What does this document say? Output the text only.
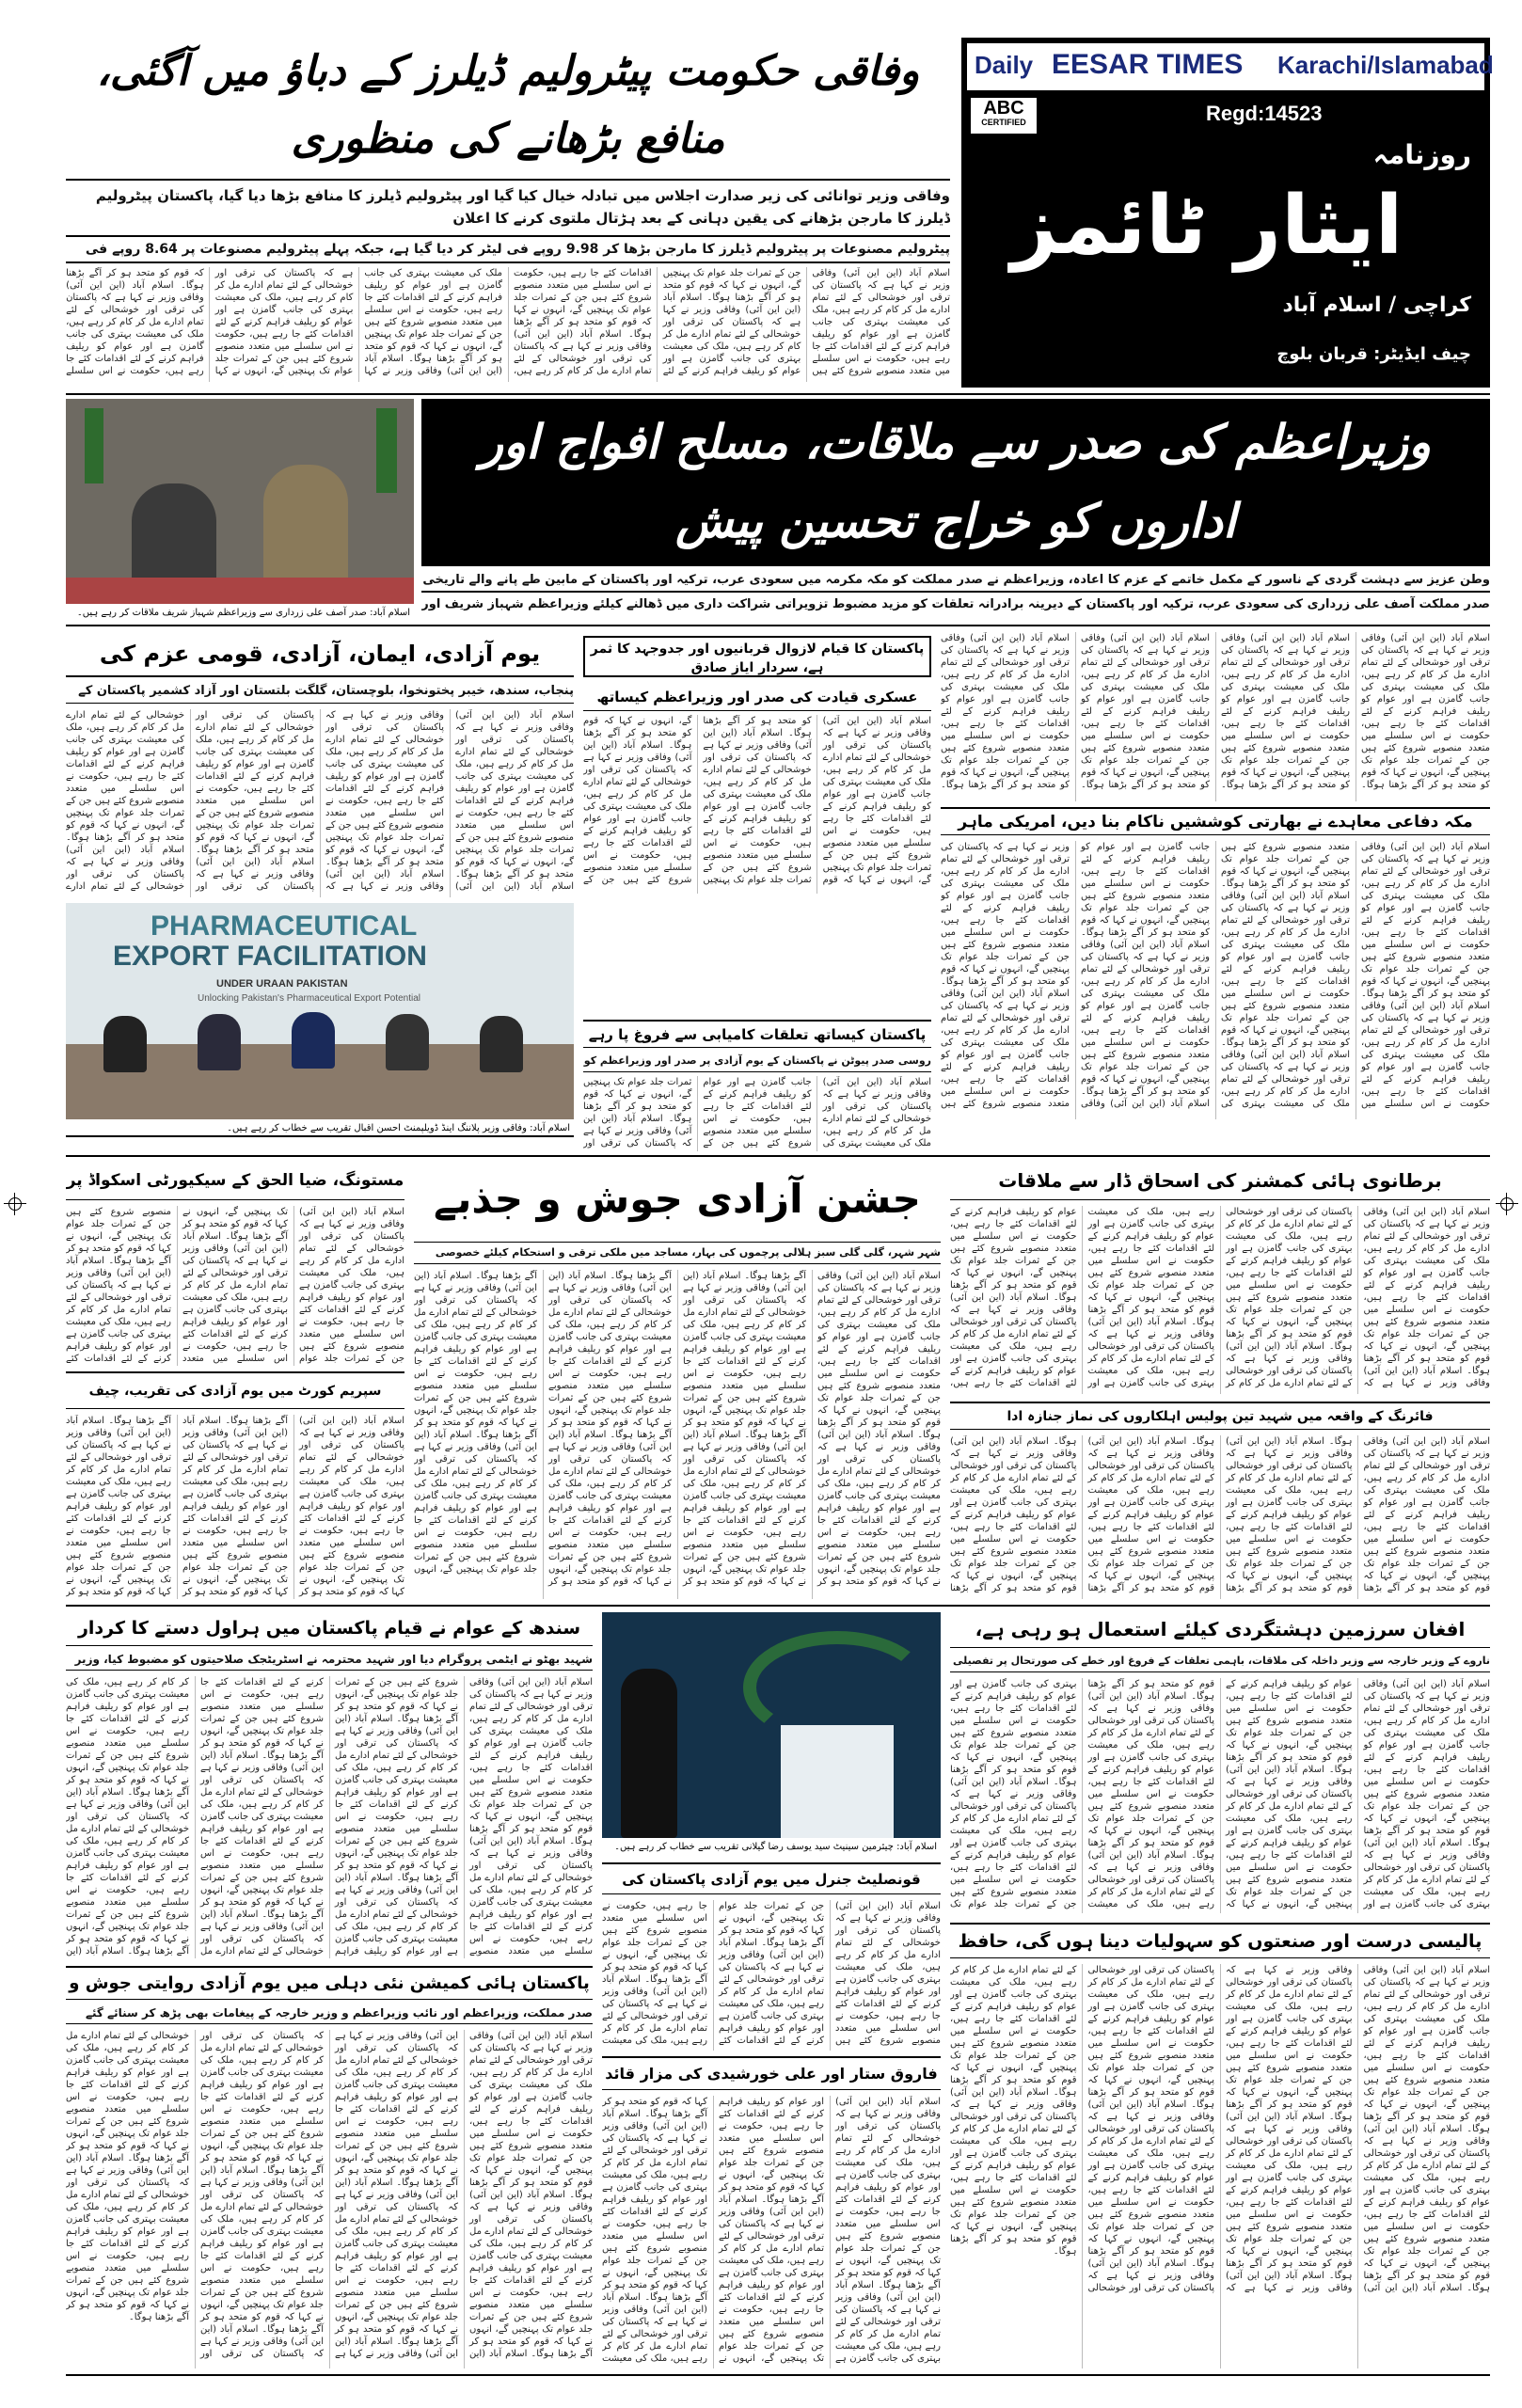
Daily EESAR TIMES Karachi/Islamabad
ABC
CERTIFIED	Regd:14523
روزنامہ
ایثار ٹائمز
کراچی / اسلام آباد
چیف ایڈیٹر: قربان بلوچ
وفاقی حکومت پیٹرولیم ڈیلرز کے دباؤ میں آگئی، منافع بڑھانے کی منظوری
وفاقی وزیر توانائی کی زیر صدارت اجلاس میں تبادلہ خیال کیا گیا اور پیٹرولیم ڈیلرز کا منافع بڑھا دیا گیا، پاکستان پیٹرولیم ڈیلرز کا مارجن بڑھانے کی یقین دہانی کے بعد ہڑتال ملتوی کرنے کا اعلان
پیٹرولیم مصنوعات پر پیٹرولیم ڈیلرز کا مارجن بڑھا کر 9.98 روپے فی لیٹر کر دیا گیا ہے، جبکہ پہلے پیٹرولیم مصنوعات پر 8.64 روپے فی
اسلام آباد (این این آئی) وفاقی وزیر نے کہا ہے کہ پاکستان کی ترقی اور خوشحالی کے لئے تمام ادارے مل کر کام کر رہے ہیں، ملک کی معیشت بہتری کی جانب گامزن ہے اور عوام کو ریلیف فراہم کرنے کے لئے اقدامات کئے جا رہے ہیں، حکومت نے اس سلسلے میں متعدد منصوبے شروع کئے ہیں جن کے ثمرات جلد عوام تک پہنچیں گے، انہوں نے کہا کہ قوم کو متحد ہو کر آگے بڑھنا ہوگا۔ اسلام آباد (این این آئی) وفاقی وزیر نے کہا ہے کہ پاکستان کی ترقی اور خوشحالی کے لئے تمام ادارے مل کر کام کر رہے ہیں، ملک کی معیشت بہتری کی جانب گامزن ہے اور عوام کو ریلیف فراہم کرنے کے لئے اقدامات کئے جا رہے ہیں، حکومت نے اس سلسلے میں متعدد منصوبے شروع کئے ہیں جن کے ثمرات جلد عوام تک پہنچیں گے، انہوں نے کہا کہ قوم کو متحد ہو کر آگے بڑھنا ہوگا۔ اسلام آباد (این این آئی) وفاقی وزیر نے کہا ہے کہ پاکستان کی ترقی اور خوشحالی کے لئے تمام ادارے مل کر کام کر رہے ہیں، ملک کی معیشت بہتری کی جانب گامزن ہے اور عوام کو ریلیف فراہم کرنے کے لئے اقدامات کئے جا رہے ہیں، حکومت نے اس سلسلے میں متعدد منصوبے شروع کئے ہیں جن کے ثمرات جلد عوام تک پہنچیں گے، انہوں نے کہا کہ قوم کو متحد ہو کر آگے بڑھنا ہوگا۔ اسلام آباد (این این آئی) وفاقی وزیر نے کہا ہے کہ پاکستان کی ترقی اور خوشحالی کے لئے تمام ادارے مل کر کام کر رہے ہیں، ملک کی معیشت بہتری کی جانب گامزن ہے اور عوام کو ریلیف فراہم کرنے کے لئے اقدامات کئے جا رہے ہیں، حکومت نے اس سلسلے میں متعدد منصوبے شروع کئے ہیں جن کے ثمرات جلد عوام تک پہنچیں گے، انہوں نے کہا کہ قوم کو متحد ہو کر آگے بڑھنا ہوگا۔ اسلام آباد (این این آئی) وفاقی وزیر نے کہا ہے کہ پاکستان کی ترقی اور خوشحالی کے لئے تمام ادارے مل کر کام کر رہے ہیں، ملک کی معیشت بہتری کی جانب گامزن ہے اور عوام کو ریلیف فراہم کرنے کے لئے اقدامات کئے جا رہے ہیں، حکومت نے اس سلسلے
اسلام آباد: صدر آصف علی زرداری سے وزیراعظم شہباز شریف ملاقات کر رہے ہیں۔
وزیراعظم کی صدر سے ملاقات، مسلح افواج اور اداروں کو خراج تحسین پیش
وطن عزیز سے دہشت گردی کے ناسور کے مکمل خاتمے کے عزم کا اعادہ، وزیراعظم نے صدر مملکت کو مکہ مکرمہ میں سعودی عرب، ترکیہ اور پاکستان کے مابین طے پانے والے تاریخی
صدر مملکت آصف علی زرداری کی سعودی عرب، ترکیہ اور پاکستان کے دیرینہ برادرانہ تعلقات کو مزید مضبوط تزویراتی شراکت داری میں ڈھالنے کیلئے وزیراعظم شہباز شریف اور
اسلام آباد (این این آئی) وفاقی وزیر نے کہا ہے کہ پاکستان کی ترقی اور خوشحالی کے لئے تمام ادارے مل کر کام کر رہے ہیں، ملک کی معیشت بہتری کی جانب گامزن ہے اور عوام کو ریلیف فراہم کرنے کے لئے اقدامات کئے جا رہے ہیں، حکومت نے اس سلسلے میں متعدد منصوبے شروع کئے ہیں جن کے ثمرات جلد عوام تک پہنچیں گے، انہوں نے کہا کہ قوم کو متحد ہو کر آگے بڑھنا ہوگا۔ اسلام آباد (این این آئی) وفاقی وزیر نے کہا ہے کہ پاکستان کی ترقی اور خوشحالی کے لئے تمام ادارے مل کر کام کر رہے ہیں، ملک کی معیشت بہتری کی جانب گامزن ہے اور عوام کو ریلیف فراہم کرنے کے لئے اقدامات کئے جا رہے ہیں، حکومت نے اس سلسلے میں متعدد منصوبے شروع کئے ہیں جن کے ثمرات جلد عوام تک پہنچیں گے، انہوں نے کہا کہ قوم کو متحد ہو کر آگے بڑھنا ہوگا۔ اسلام آباد (این این آئی) وفاقی وزیر نے کہا ہے کہ پاکستان کی ترقی اور خوشحالی کے لئے تمام ادارے مل کر کام کر رہے ہیں، ملک کی معیشت بہتری کی جانب گامزن ہے اور عوام کو ریلیف فراہم کرنے کے لئے اقدامات کئے جا رہے ہیں، حکومت نے اس سلسلے میں متعدد منصوبے شروع کئے ہیں جن کے ثمرات جلد عوام تک پہنچیں گے، انہوں نے کہا کہ قوم کو متحد ہو کر آگے بڑھنا ہوگا۔ اسلام آباد (این این آئی) وفاقی وزیر نے کہا ہے کہ پاکستان کی ترقی اور خوشحالی کے لئے تمام ادارے مل کر کام کر رہے ہیں، ملک کی معیشت بہتری کی جانب گامزن ہے اور عوام کو ریلیف فراہم کرنے کے لئے اقدامات کئے جا رہے ہیں، حکومت نے اس سلسلے میں متعدد منصوبے شروع کئے ہیں جن کے ثمرات جلد عوام تک پہنچیں گے، انہوں نے کہا کہ قوم کو متحد ہو کر آگے بڑھنا ہوگا۔
یوم آزادی، ایمان، آزادی، قومی عزم کی
پنجاب، سندھ، خیبر پختونخوا، بلوچستان، گلگت بلتستان اور آزاد کشمیر پاکستان کے
اسلام آباد (این این آئی) وفاقی وزیر نے کہا ہے کہ پاکستان کی ترقی اور خوشحالی کے لئے تمام ادارے مل کر کام کر رہے ہیں، ملک کی معیشت بہتری کی جانب گامزن ہے اور عوام کو ریلیف فراہم کرنے کے لئے اقدامات کئے جا رہے ہیں، حکومت نے اس سلسلے میں متعدد منصوبے شروع کئے ہیں جن کے ثمرات جلد عوام تک پہنچیں گے، انہوں نے کہا کہ قوم کو متحد ہو کر آگے بڑھنا ہوگا۔ اسلام آباد (این این آئی) وفاقی وزیر نے کہا ہے کہ پاکستان کی ترقی اور خوشحالی کے لئے تمام ادارے مل کر کام کر رہے ہیں، ملک کی معیشت بہتری کی جانب گامزن ہے اور عوام کو ریلیف فراہم کرنے کے لئے اقدامات کئے جا رہے ہیں، حکومت نے اس سلسلے میں متعدد منصوبے شروع کئے ہیں جن کے ثمرات جلد عوام تک پہنچیں گے، انہوں نے کہا کہ قوم کو متحد ہو کر آگے بڑھنا ہوگا۔ اسلام آباد (این این آئی) وفاقی وزیر نے کہا ہے کہ پاکستان کی ترقی اور خوشحالی کے لئے تمام ادارے مل کر کام کر رہے ہیں، ملک کی معیشت بہتری کی جانب گامزن ہے اور عوام کو ریلیف فراہم کرنے کے لئے اقدامات کئے جا رہے ہیں، حکومت نے اس سلسلے میں متعدد منصوبے شروع کئے ہیں جن کے ثمرات جلد عوام تک پہنچیں گے، انہوں نے کہا کہ قوم کو متحد ہو کر آگے بڑھنا ہوگا۔ اسلام آباد (این این آئی) وفاقی وزیر نے کہا ہے کہ پاکستان کی ترقی اور خوشحالی کے لئے تمام ادارے مل کر کام کر رہے ہیں، ملک کی معیشت بہتری کی جانب گامزن ہے اور عوام کو ریلیف فراہم کرنے کے لئے اقدامات کئے جا رہے ہیں، حکومت نے اس سلسلے میں متعدد منصوبے شروع کئے ہیں جن کے ثمرات جلد عوام تک پہنچیں گے، انہوں نے کہا کہ قوم کو متحد ہو کر آگے بڑھنا ہوگا۔ اسلام آباد (این این آئی) وفاقی وزیر نے کہا ہے کہ پاکستان کی ترقی اور خوشحالی کے لئے تمام ادارے
پاکستان کا قیام لازوال قربانیوں اور جدوجہد کا ثمر ہے، سردار ایاز صادق
عسکری قیادت کی صدر اور وزیراعظم کیساتھ
اسلام آباد (این این آئی) وفاقی وزیر نے کہا ہے کہ پاکستان کی ترقی اور خوشحالی کے لئے تمام ادارے مل کر کام کر رہے ہیں، ملک کی معیشت بہتری کی جانب گامزن ہے اور عوام کو ریلیف فراہم کرنے کے لئے اقدامات کئے جا رہے ہیں، حکومت نے اس سلسلے میں متعدد منصوبے شروع کئے ہیں جن کے ثمرات جلد عوام تک پہنچیں گے، انہوں نے کہا کہ قوم کو متحد ہو کر آگے بڑھنا ہوگا۔ اسلام آباد (این این آئی) وفاقی وزیر نے کہا ہے کہ پاکستان کی ترقی اور خوشحالی کے لئے تمام ادارے مل کر کام کر رہے ہیں، ملک کی معیشت بہتری کی جانب گامزن ہے اور عوام کو ریلیف فراہم کرنے کے لئے اقدامات کئے جا رہے ہیں، حکومت نے اس سلسلے میں متعدد منصوبے شروع کئے ہیں جن کے ثمرات جلد عوام تک پہنچیں گے، انہوں نے کہا کہ قوم کو متحد ہو کر آگے بڑھنا ہوگا۔ اسلام آباد (این این آئی) وفاقی وزیر نے کہا ہے کہ پاکستان کی ترقی اور خوشحالی کے لئے تمام ادارے مل کر کام کر رہے ہیں، ملک کی معیشت بہتری کی جانب گامزن ہے اور عوام کو ریلیف فراہم کرنے کے لئے اقدامات کئے جا رہے ہیں، حکومت نے اس سلسلے میں متعدد منصوبے شروع کئے ہیں جن کے
مکہ دفاعی معاہدے نے بھارتی کوششیں ناکام بنا دیں، امریکی ماہر
اسلام آباد (این این آئی) وفاقی وزیر نے کہا ہے کہ پاکستان کی ترقی اور خوشحالی کے لئے تمام ادارے مل کر کام کر رہے ہیں، ملک کی معیشت بہتری کی جانب گامزن ہے اور عوام کو ریلیف فراہم کرنے کے لئے اقدامات کئے جا رہے ہیں، حکومت نے اس سلسلے میں متعدد منصوبے شروع کئے ہیں جن کے ثمرات جلد عوام تک پہنچیں گے، انہوں نے کہا کہ قوم کو متحد ہو کر آگے بڑھنا ہوگا۔ اسلام آباد (این این آئی) وفاقی وزیر نے کہا ہے کہ پاکستان کی ترقی اور خوشحالی کے لئے تمام ادارے مل کر کام کر رہے ہیں، ملک کی معیشت بہتری کی جانب گامزن ہے اور عوام کو ریلیف فراہم کرنے کے لئے اقدامات کئے جا رہے ہیں، حکومت نے اس سلسلے میں متعدد منصوبے شروع کئے ہیں جن کے ثمرات جلد عوام تک پہنچیں گے، انہوں نے کہا کہ قوم کو متحد ہو کر آگے بڑھنا ہوگا۔ اسلام آباد (این این آئی) وفاقی وزیر نے کہا ہے کہ پاکستان کی ترقی اور خوشحالی کے لئے تمام ادارے مل کر کام کر رہے ہیں، ملک کی معیشت بہتری کی جانب گامزن ہے اور عوام کو ریلیف فراہم کرنے کے لئے اقدامات کئے جا رہے ہیں، حکومت نے اس سلسلے میں متعدد منصوبے شروع کئے ہیں جن کے ثمرات جلد عوام تک پہنچیں گے، انہوں نے کہا کہ قوم کو متحد ہو کر آگے بڑھنا ہوگا۔ اسلام آباد (این این آئی) وفاقی وزیر نے کہا ہے کہ پاکستان کی ترقی اور خوشحالی کے لئے تمام ادارے مل کر کام کر رہے ہیں، ملک کی معیشت بہتری کی جانب گامزن ہے اور عوام کو ریلیف فراہم کرنے کے لئے اقدامات کئے جا رہے ہیں، حکومت نے اس سلسلے میں متعدد منصوبے شروع کئے ہیں جن کے ثمرات جلد عوام تک پہنچیں گے، انہوں نے کہا کہ قوم کو متحد ہو کر آگے بڑھنا ہوگا۔ اسلام آباد (این این آئی) وفاقی وزیر نے کہا ہے کہ پاکستان کی ترقی اور خوشحالی کے لئے تمام ادارے مل کر کام کر رہے ہیں، ملک کی معیشت بہتری کی جانب گامزن ہے اور عوام کو ریلیف فراہم کرنے کے لئے اقدامات کئے جا رہے ہیں، حکومت نے اس سلسلے میں متعدد منصوبے شروع کئے ہیں جن کے ثمرات جلد عوام تک پہنچیں گے، انہوں نے کہا کہ قوم کو متحد ہو کر آگے بڑھنا ہوگا۔ اسلام آباد (این این آئی) وفاقی وزیر نے کہا ہے کہ پاکستان کی ترقی اور خوشحالی کے لئے تمام ادارے مل کر کام کر رہے ہیں، ملک کی معیشت بہتری کی جانب گامزن ہے اور عوام کو ریلیف فراہم کرنے کے لئے اقدامات کئے جا رہے ہیں، حکومت نے اس سلسلے میں متعدد منصوبے شروع کئے ہیں جن کے ثمرات جلد عوام تک پہنچیں گے، انہوں نے کہا کہ قوم کو متحد ہو کر آگے بڑھنا ہوگا۔ اسلام آباد (این این آئی) وفاقی وزیر نے کہا ہے کہ پاکستان کی ترقی اور خوشحالی کے لئے تمام ادارے مل کر کام کر رہے ہیں، ملک کی معیشت بہتری کی جانب گامزن ہے اور عوام کو ریلیف فراہم کرنے کے لئے اقدامات کئے جا رہے ہیں، حکومت نے اس سلسلے میں متعدد منصوبے شروع کئے ہیں
PHARMACEUTICAL
EXPORT FACILITATION
UNDER URAAN PAKISTAN
Unlocking Pakistan's Pharmaceutical Export Potential
اسلام آباد: وفاقی وزیر پلاننگ اینڈ ڈویلپمنٹ احسن اقبال تقریب سے خطاب کر رہے ہیں۔
پاکستان کیساتھ تعلقات کامیابی سے فروغ پا رہے
روسی صدر پیوٹن نے پاکستان کے یوم آزادی پر صدر اور وزیراعظم کو
اسلام آباد (این این آئی) وفاقی وزیر نے کہا ہے کہ پاکستان کی ترقی اور خوشحالی کے لئے تمام ادارے مل کر کام کر رہے ہیں، ملک کی معیشت بہتری کی جانب گامزن ہے اور عوام کو ریلیف فراہم کرنے کے لئے اقدامات کئے جا رہے ہیں، حکومت نے اس سلسلے میں متعدد منصوبے شروع کئے ہیں جن کے ثمرات جلد عوام تک پہنچیں گے، انہوں نے کہا کہ قوم کو متحد ہو کر آگے بڑھنا ہوگا۔ اسلام آباد (این این آئی) وفاقی وزیر نے کہا ہے کہ پاکستان کی ترقی اور
جشن آزادی جوش و جذبے
شہر شہر، گلی گلی سبز ہلالی پرچموں کی بہار، مساجد میں ملکی ترقی و استحکام کیلئے خصوصی
اسلام آباد (این این آئی) وفاقی وزیر نے کہا ہے کہ پاکستان کی ترقی اور خوشحالی کے لئے تمام ادارے مل کر کام کر رہے ہیں، ملک کی معیشت بہتری کی جانب گامزن ہے اور عوام کو ریلیف فراہم کرنے کے لئے اقدامات کئے جا رہے ہیں، حکومت نے اس سلسلے میں متعدد منصوبے شروع کئے ہیں جن کے ثمرات جلد عوام تک پہنچیں گے، انہوں نے کہا کہ قوم کو متحد ہو کر آگے بڑھنا ہوگا۔ اسلام آباد (این این آئی) وفاقی وزیر نے کہا ہے کہ پاکستان کی ترقی اور خوشحالی کے لئے تمام ادارے مل کر کام کر رہے ہیں، ملک کی معیشت بہتری کی جانب گامزن ہے اور عوام کو ریلیف فراہم کرنے کے لئے اقدامات کئے جا رہے ہیں، حکومت نے اس سلسلے میں متعدد منصوبے شروع کئے ہیں جن کے ثمرات جلد عوام تک پہنچیں گے، انہوں نے کہا کہ قوم کو متحد ہو کر آگے بڑھنا ہوگا۔ اسلام آباد (این این آئی) وفاقی وزیر نے کہا ہے کہ پاکستان کی ترقی اور خوشحالی کے لئے تمام ادارے مل کر کام کر رہے ہیں، ملک کی معیشت بہتری کی جانب گامزن ہے اور عوام کو ریلیف فراہم کرنے کے لئے اقدامات کئے جا رہے ہیں، حکومت نے اس سلسلے میں متعدد منصوبے شروع کئے ہیں جن کے ثمرات جلد عوام تک پہنچیں گے، انہوں نے کہا کہ قوم کو متحد ہو کر آگے بڑھنا ہوگا۔ اسلام آباد (این این آئی) وفاقی وزیر نے کہا ہے کہ پاکستان کی ترقی اور خوشحالی کے لئے تمام ادارے مل کر کام کر رہے ہیں، ملک کی معیشت بہتری کی جانب گامزن ہے اور عوام کو ریلیف فراہم کرنے کے لئے اقدامات کئے جا رہے ہیں، حکومت نے اس سلسلے میں متعدد منصوبے شروع کئے ہیں جن کے ثمرات جلد عوام تک پہنچیں گے، انہوں نے کہا کہ قوم کو متحد ہو کر آگے بڑھنا ہوگا۔ اسلام آباد (این این آئی) وفاقی وزیر نے کہا ہے کہ پاکستان کی ترقی اور خوشحالی کے لئے تمام ادارے مل کر کام کر رہے ہیں، ملک کی معیشت بہتری کی جانب گامزن ہے اور عوام کو ریلیف فراہم کرنے کے لئے اقدامات کئے جا رہے ہیں، حکومت نے اس سلسلے میں متعدد منصوبے شروع کئے ہیں جن کے ثمرات جلد عوام تک پہنچیں گے، انہوں نے کہا کہ قوم کو متحد ہو کر آگے بڑھنا ہوگا۔ اسلام آباد (این این آئی) وفاقی وزیر نے کہا ہے کہ پاکستان کی ترقی اور خوشحالی کے لئے تمام ادارے مل کر کام کر رہے ہیں، ملک کی معیشت بہتری کی جانب گامزن ہے اور عوام کو ریلیف فراہم کرنے کے لئے اقدامات کئے جا رہے ہیں، حکومت نے اس سلسلے میں متعدد منصوبے شروع کئے ہیں جن کے ثمرات جلد عوام تک پہنچیں گے، انہوں نے کہا کہ قوم کو متحد ہو کر آگے بڑھنا ہوگا۔ اسلام آباد (این این آئی) وفاقی وزیر نے کہا ہے کہ پاکستان کی ترقی اور خوشحالی کے لئے تمام ادارے مل کر کام کر رہے ہیں، ملک کی معیشت بہتری کی جانب گامزن ہے اور عوام کو ریلیف فراہم کرنے کے لئے اقدامات کئے جا رہے ہیں، حکومت نے اس سلسلے میں متعدد منصوبے شروع کئے ہیں جن کے ثمرات جلد عوام تک پہنچیں گے، انہوں نے کہا کہ قوم کو متحد ہو کر آگے بڑھنا ہوگا۔ اسلام آباد (این این آئی) وفاقی وزیر نے کہا ہے کہ پاکستان کی ترقی اور خوشحالی کے لئے تمام ادارے مل کر کام کر رہے ہیں، ملک کی معیشت بہتری کی جانب گامزن ہے اور عوام کو ریلیف فراہم کرنے کے لئے اقدامات کئے جا رہے ہیں، حکومت نے اس سلسلے میں متعدد منصوبے شروع کئے ہیں جن کے ثمرات جلد عوام تک پہنچیں گے، انہوں
مستونگ، ضیا الحق کے سیکیورٹی اسکواڈ پر
اسلام آباد (این این آئی) وفاقی وزیر نے کہا ہے کہ پاکستان کی ترقی اور خوشحالی کے لئے تمام ادارے مل کر کام کر رہے ہیں، ملک کی معیشت بہتری کی جانب گامزن ہے اور عوام کو ریلیف فراہم کرنے کے لئے اقدامات کئے جا رہے ہیں، حکومت نے اس سلسلے میں متعدد منصوبے شروع کئے ہیں جن کے ثمرات جلد عوام تک پہنچیں گے، انہوں نے کہا کہ قوم کو متحد ہو کر آگے بڑھنا ہوگا۔ اسلام آباد (این این آئی) وفاقی وزیر نے کہا ہے کہ پاکستان کی ترقی اور خوشحالی کے لئے تمام ادارے مل کر کام کر رہے ہیں، ملک کی معیشت بہتری کی جانب گامزن ہے اور عوام کو ریلیف فراہم کرنے کے لئے اقدامات کئے جا رہے ہیں، حکومت نے اس سلسلے میں متعدد منصوبے شروع کئے ہیں جن کے ثمرات جلد عوام تک پہنچیں گے، انہوں نے کہا کہ قوم کو متحد ہو کر آگے بڑھنا ہوگا۔ اسلام آباد (این این آئی) وفاقی وزیر نے کہا ہے کہ پاکستان کی ترقی اور خوشحالی کے لئے تمام ادارے مل کر کام کر رہے ہیں، ملک کی معیشت بہتری کی جانب گامزن ہے اور عوام کو ریلیف فراہم کرنے کے لئے اقدامات کئے
سپریم کورٹ میں یوم آزادی کی تقریب، چیف
اسلام آباد (این این آئی) وفاقی وزیر نے کہا ہے کہ پاکستان کی ترقی اور خوشحالی کے لئے تمام ادارے مل کر کام کر رہے ہیں، ملک کی معیشت بہتری کی جانب گامزن ہے اور عوام کو ریلیف فراہم کرنے کے لئے اقدامات کئے جا رہے ہیں، حکومت نے اس سلسلے میں متعدد منصوبے شروع کئے ہیں جن کے ثمرات جلد عوام تک پہنچیں گے، انہوں نے کہا کہ قوم کو متحد ہو کر آگے بڑھنا ہوگا۔ اسلام آباد (این این آئی) وفاقی وزیر نے کہا ہے کہ پاکستان کی ترقی اور خوشحالی کے لئے تمام ادارے مل کر کام کر رہے ہیں، ملک کی معیشت بہتری کی جانب گامزن ہے اور عوام کو ریلیف فراہم کرنے کے لئے اقدامات کئے جا رہے ہیں، حکومت نے اس سلسلے میں متعدد منصوبے شروع کئے ہیں جن کے ثمرات جلد عوام تک پہنچیں گے، انہوں نے کہا کہ قوم کو متحد ہو کر آگے بڑھنا ہوگا۔ اسلام آباد (این این آئی) وفاقی وزیر نے کہا ہے کہ پاکستان کی ترقی اور خوشحالی کے لئے تمام ادارے مل کر کام کر رہے ہیں، ملک کی معیشت بہتری کی جانب گامزن ہے اور عوام کو ریلیف فراہم کرنے کے لئے اقدامات کئے جا رہے ہیں، حکومت نے اس سلسلے میں متعدد منصوبے شروع کئے ہیں جن کے ثمرات جلد عوام تک پہنچیں گے، انہوں نے کہا کہ قوم کو متحد ہو کر
برطانوی ہائی کمشنر کی اسحاق ڈار سے ملاقات
اسلام آباد (این این آئی) وفاقی وزیر نے کہا ہے کہ پاکستان کی ترقی اور خوشحالی کے لئے تمام ادارے مل کر کام کر رہے ہیں، ملک کی معیشت بہتری کی جانب گامزن ہے اور عوام کو ریلیف فراہم کرنے کے لئے اقدامات کئے جا رہے ہیں، حکومت نے اس سلسلے میں متعدد منصوبے شروع کئے ہیں جن کے ثمرات جلد عوام تک پہنچیں گے، انہوں نے کہا کہ قوم کو متحد ہو کر آگے بڑھنا ہوگا۔ اسلام آباد (این این آئی) وفاقی وزیر نے کہا ہے کہ پاکستان کی ترقی اور خوشحالی کے لئے تمام ادارے مل کر کام کر رہے ہیں، ملک کی معیشت بہتری کی جانب گامزن ہے اور عوام کو ریلیف فراہم کرنے کے لئے اقدامات کئے جا رہے ہیں، حکومت نے اس سلسلے میں متعدد منصوبے شروع کئے ہیں جن کے ثمرات جلد عوام تک پہنچیں گے، انہوں نے کہا کہ قوم کو متحد ہو کر آگے بڑھنا ہوگا۔ اسلام آباد (این این آئی) وفاقی وزیر نے کہا ہے کہ پاکستان کی ترقی اور خوشحالی کے لئے تمام ادارے مل کر کام کر رہے ہیں، ملک کی معیشت بہتری کی جانب گامزن ہے اور عوام کو ریلیف فراہم کرنے کے لئے اقدامات کئے جا رہے ہیں، حکومت نے اس سلسلے میں متعدد منصوبے شروع کئے ہیں جن کے ثمرات جلد عوام تک پہنچیں گے، انہوں نے کہا کہ قوم کو متحد ہو کر آگے بڑھنا ہوگا۔ اسلام آباد (این این آئی) وفاقی وزیر نے کہا ہے کہ پاکستان کی ترقی اور خوشحالی کے لئے تمام ادارے مل کر کام کر رہے ہیں، ملک کی معیشت بہتری کی جانب گامزن ہے اور عوام کو ریلیف فراہم کرنے کے لئے اقدامات کئے جا رہے ہیں، حکومت نے اس سلسلے میں متعدد منصوبے شروع کئے ہیں جن کے ثمرات جلد عوام تک پہنچیں گے، انہوں نے کہا کہ قوم کو متحد ہو کر آگے بڑھنا ہوگا۔ اسلام آباد (این این آئی) وفاقی وزیر نے کہا ہے کہ پاکستان کی ترقی اور خوشحالی کے لئے تمام ادارے مل کر کام کر رہے ہیں، ملک کی معیشت بہتری کی جانب گامزن ہے اور عوام کو ریلیف فراہم کرنے کے لئے اقدامات کئے جا رہے ہیں،
فائرنگ کے واقعہ میں شہید تین پولیس اہلکاروں کی نماز جنازہ ادا
اسلام آباد (این این آئی) وفاقی وزیر نے کہا ہے کہ پاکستان کی ترقی اور خوشحالی کے لئے تمام ادارے مل کر کام کر رہے ہیں، ملک کی معیشت بہتری کی جانب گامزن ہے اور عوام کو ریلیف فراہم کرنے کے لئے اقدامات کئے جا رہے ہیں، حکومت نے اس سلسلے میں متعدد منصوبے شروع کئے ہیں جن کے ثمرات جلد عوام تک پہنچیں گے، انہوں نے کہا کہ قوم کو متحد ہو کر آگے بڑھنا ہوگا۔ اسلام آباد (این این آئی) وفاقی وزیر نے کہا ہے کہ پاکستان کی ترقی اور خوشحالی کے لئے تمام ادارے مل کر کام کر رہے ہیں، ملک کی معیشت بہتری کی جانب گامزن ہے اور عوام کو ریلیف فراہم کرنے کے لئے اقدامات کئے جا رہے ہیں، حکومت نے اس سلسلے میں متعدد منصوبے شروع کئے ہیں جن کے ثمرات جلد عوام تک پہنچیں گے، انہوں نے کہا کہ قوم کو متحد ہو کر آگے بڑھنا ہوگا۔ اسلام آباد (این این آئی) وفاقی وزیر نے کہا ہے کہ پاکستان کی ترقی اور خوشحالی کے لئے تمام ادارے مل کر کام کر رہے ہیں، ملک کی معیشت بہتری کی جانب گامزن ہے اور عوام کو ریلیف فراہم کرنے کے لئے اقدامات کئے جا رہے ہیں، حکومت نے اس سلسلے میں متعدد منصوبے شروع کئے ہیں جن کے ثمرات جلد عوام تک پہنچیں گے، انہوں نے کہا کہ قوم کو متحد ہو کر آگے بڑھنا ہوگا۔ اسلام آباد (این این آئی) وفاقی وزیر نے کہا ہے کہ پاکستان کی ترقی اور خوشحالی کے لئے تمام ادارے مل کر کام کر رہے ہیں، ملک کی معیشت بہتری کی جانب گامزن ہے اور عوام کو ریلیف فراہم کرنے کے لئے اقدامات کئے جا رہے ہیں، حکومت نے اس سلسلے میں متعدد منصوبے شروع کئے ہیں جن کے ثمرات جلد عوام تک پہنچیں گے، انہوں نے کہا کہ قوم کو متحد ہو کر آگے بڑھنا
سندھ کے عوام نے قیام پاکستان میں ہراول دستے کا کردار
شہید بھٹو نے ایٹمی پروگرام دیا اور شہید محترمہ نے اسٹریٹجک صلاحیتوں کو مضبوط کیا، وزیر
اسلام آباد (این این آئی) وفاقی وزیر نے کہا ہے کہ پاکستان کی ترقی اور خوشحالی کے لئے تمام ادارے مل کر کام کر رہے ہیں، ملک کی معیشت بہتری کی جانب گامزن ہے اور عوام کو ریلیف فراہم کرنے کے لئے اقدامات کئے جا رہے ہیں، حکومت نے اس سلسلے میں متعدد منصوبے شروع کئے ہیں جن کے ثمرات جلد عوام تک پہنچیں گے، انہوں نے کہا کہ قوم کو متحد ہو کر آگے بڑھنا ہوگا۔ اسلام آباد (این این آئی) وفاقی وزیر نے کہا ہے کہ پاکستان کی ترقی اور خوشحالی کے لئے تمام ادارے مل کر کام کر رہے ہیں، ملک کی معیشت بہتری کی جانب گامزن ہے اور عوام کو ریلیف فراہم کرنے کے لئے اقدامات کئے جا رہے ہیں، حکومت نے اس سلسلے میں متعدد منصوبے شروع کئے ہیں جن کے ثمرات جلد عوام تک پہنچیں گے، انہوں نے کہا کہ قوم کو متحد ہو کر آگے بڑھنا ہوگا۔ اسلام آباد (این این آئی) وفاقی وزیر نے کہا ہے کہ پاکستان کی ترقی اور خوشحالی کے لئے تمام ادارے مل کر کام کر رہے ہیں، ملک کی معیشت بہتری کی جانب گامزن ہے اور عوام کو ریلیف فراہم کرنے کے لئے اقدامات کئے جا رہے ہیں، حکومت نے اس سلسلے میں متعدد منصوبے شروع کئے ہیں جن کے ثمرات جلد عوام تک پہنچیں گے، انہوں نے کہا کہ قوم کو متحد ہو کر آگے بڑھنا ہوگا۔ اسلام آباد (این این آئی) وفاقی وزیر نے کہا ہے کہ پاکستان کی ترقی اور خوشحالی کے لئے تمام ادارے مل کر کام کر رہے ہیں، ملک کی معیشت بہتری کی جانب گامزن ہے اور عوام کو ریلیف فراہم کرنے کے لئے اقدامات کئے جا رہے ہیں، حکومت نے اس سلسلے میں متعدد منصوبے شروع کئے ہیں جن کے ثمرات جلد عوام تک پہنچیں گے، انہوں نے کہا کہ قوم کو متحد ہو کر آگے بڑھنا ہوگا۔ اسلام آباد (این این آئی) وفاقی وزیر نے کہا ہے کہ پاکستان کی ترقی اور خوشحالی کے لئے تمام ادارے مل کر کام کر رہے ہیں، ملک کی معیشت بہتری کی جانب گامزن ہے اور عوام کو ریلیف فراہم کرنے کے لئے اقدامات کئے جا رہے ہیں، حکومت نے اس سلسلے میں متعدد منصوبے شروع کئے ہیں جن کے ثمرات جلد عوام تک پہنچیں گے، انہوں نے کہا کہ قوم کو متحد ہو کر آگے بڑھنا ہوگا۔ اسلام آباد (این این آئی) وفاقی وزیر نے کہا ہے کہ پاکستان کی ترقی اور خوشحالی کے لئے تمام ادارے مل کر کام کر رہے ہیں، ملک کی معیشت بہتری کی جانب گامزن ہے اور عوام کو ریلیف فراہم کرنے کے لئے اقدامات کئے جا رہے ہیں، حکومت نے اس سلسلے میں متعدد منصوبے شروع کئے ہیں جن کے ثمرات جلد عوام تک پہنچیں گے، انہوں نے کہا کہ قوم کو متحد ہو کر آگے بڑھنا ہوگا۔ اسلام آباد (این این آئی) وفاقی وزیر نے کہا ہے کہ پاکستان کی ترقی اور خوشحالی کے لئے تمام ادارے مل کر کام کر رہے ہیں، ملک کی معیشت بہتری کی جانب گامزن ہے اور عوام کو ریلیف فراہم کرنے کے لئے اقدامات کئے جا رہے ہیں، حکومت نے اس سلسلے میں متعدد منصوبے شروع کئے ہیں جن کے ثمرات جلد عوام تک پہنچیں گے، انہوں نے کہا کہ قوم کو متحد ہو کر آگے بڑھنا ہوگا۔ اسلام آباد (این
پاکستان ہائی کمیشن نئی دہلی میں یوم آزادی روایتی جوش و
صدر مملکت، وزیراعظم اور نائب وزیراعظم و وزیر خارجہ کے پیغامات بھی پڑھ کر سنائے گئے
اسلام آباد (این این آئی) وفاقی وزیر نے کہا ہے کہ پاکستان کی ترقی اور خوشحالی کے لئے تمام ادارے مل کر کام کر رہے ہیں، ملک کی معیشت بہتری کی جانب گامزن ہے اور عوام کو ریلیف فراہم کرنے کے لئے اقدامات کئے جا رہے ہیں، حکومت نے اس سلسلے میں متعدد منصوبے شروع کئے ہیں جن کے ثمرات جلد عوام تک پہنچیں گے، انہوں نے کہا کہ قوم کو متحد ہو کر آگے بڑھنا ہوگا۔ اسلام آباد (این این آئی) وفاقی وزیر نے کہا ہے کہ پاکستان کی ترقی اور خوشحالی کے لئے تمام ادارے مل کر کام کر رہے ہیں، ملک کی معیشت بہتری کی جانب گامزن ہے اور عوام کو ریلیف فراہم کرنے کے لئے اقدامات کئے جا رہے ہیں، حکومت نے اس سلسلے میں متعدد منصوبے شروع کئے ہیں جن کے ثمرات جلد عوام تک پہنچیں گے، انہوں نے کہا کہ قوم کو متحد ہو کر آگے بڑھنا ہوگا۔ اسلام آباد (این این آئی) وفاقی وزیر نے کہا ہے کہ پاکستان کی ترقی اور خوشحالی کے لئے تمام ادارے مل کر کام کر رہے ہیں، ملک کی معیشت بہتری کی جانب گامزن ہے اور عوام کو ریلیف فراہم کرنے کے لئے اقدامات کئے جا رہے ہیں، حکومت نے اس سلسلے میں متعدد منصوبے شروع کئے ہیں جن کے ثمرات جلد عوام تک پہنچیں گے، انہوں نے کہا کہ قوم کو متحد ہو کر آگے بڑھنا ہوگا۔ اسلام آباد (این این آئی) وفاقی وزیر نے کہا ہے کہ پاکستان کی ترقی اور خوشحالی کے لئے تمام ادارے مل کر کام کر رہے ہیں، ملک کی معیشت بہتری کی جانب گامزن ہے اور عوام کو ریلیف فراہم کرنے کے لئے اقدامات کئے جا رہے ہیں، حکومت نے اس سلسلے میں متعدد منصوبے شروع کئے ہیں جن کے ثمرات جلد عوام تک پہنچیں گے، انہوں نے کہا کہ قوم کو متحد ہو کر آگے بڑھنا ہوگا۔ اسلام آباد (این این آئی) وفاقی وزیر نے کہا ہے کہ پاکستان کی ترقی اور خوشحالی کے لئے تمام ادارے مل کر کام کر رہے ہیں، ملک کی معیشت بہتری کی جانب گامزن ہے اور عوام کو ریلیف فراہم کرنے کے لئے اقدامات کئے جا رہے ہیں، حکومت نے اس سلسلے میں متعدد منصوبے شروع کئے ہیں جن کے ثمرات جلد عوام تک پہنچیں گے، انہوں نے کہا کہ قوم کو متحد ہو کر آگے بڑھنا ہوگا۔ اسلام آباد (این این آئی) وفاقی وزیر نے کہا ہے کہ پاکستان کی ترقی اور خوشحالی کے لئے تمام ادارے مل کر کام کر رہے ہیں، ملک کی معیشت بہتری کی جانب گامزن ہے اور عوام کو ریلیف فراہم کرنے کے لئے اقدامات کئے جا رہے ہیں، حکومت نے اس سلسلے میں متعدد منصوبے شروع کئے ہیں جن کے ثمرات جلد عوام تک پہنچیں گے، انہوں نے کہا کہ قوم کو متحد ہو کر آگے بڑھنا ہوگا۔ اسلام آباد (این این آئی) وفاقی وزیر نے کہا ہے کہ پاکستان کی ترقی اور خوشحالی کے لئے تمام ادارے مل کر کام کر رہے ہیں، ملک کی معیشت بہتری کی جانب گامزن ہے اور عوام کو ریلیف فراہم کرنے کے لئے اقدامات کئے جا رہے ہیں، حکومت نے اس سلسلے میں متعدد منصوبے شروع کئے ہیں جن کے ثمرات جلد عوام تک پہنچیں گے، انہوں نے کہا کہ قوم کو متحد ہو کر آگے بڑھنا ہوگا۔ اسلام آباد (این این آئی) وفاقی وزیر نے کہا ہے کہ پاکستان کی ترقی اور خوشحالی کے لئے تمام ادارے مل کر کام کر رہے ہیں، ملک کی معیشت بہتری کی جانب گامزن ہے اور عوام کو ریلیف فراہم کرنے کے لئے اقدامات کئے جا رہے ہیں، حکومت نے اس سلسلے میں متعدد منصوبے شروع کئے ہیں جن کے ثمرات جلد عوام تک پہنچیں گے، انہوں نے کہا کہ قوم کو متحد ہو کر آگے بڑھنا ہوگا۔
اسلام آباد: چیئرمین سینیٹ سید یوسف رضا گیلانی تقریب سے خطاب کر رہے ہیں۔
قونصلیٹ جنرل میں یوم آزادی پاکستان کی
اسلام آباد (این این آئی) وفاقی وزیر نے کہا ہے کہ پاکستان کی ترقی اور خوشحالی کے لئے تمام ادارے مل کر کام کر رہے ہیں، ملک کی معیشت بہتری کی جانب گامزن ہے اور عوام کو ریلیف فراہم کرنے کے لئے اقدامات کئے جا رہے ہیں، حکومت نے اس سلسلے میں متعدد منصوبے شروع کئے ہیں جن کے ثمرات جلد عوام تک پہنچیں گے، انہوں نے کہا کہ قوم کو متحد ہو کر آگے بڑھنا ہوگا۔ اسلام آباد (این این آئی) وفاقی وزیر نے کہا ہے کہ پاکستان کی ترقی اور خوشحالی کے لئے تمام ادارے مل کر کام کر رہے ہیں، ملک کی معیشت بہتری کی جانب گامزن ہے اور عوام کو ریلیف فراہم کرنے کے لئے اقدامات کئے جا رہے ہیں، حکومت نے اس سلسلے میں متعدد منصوبے شروع کئے ہیں جن کے ثمرات جلد عوام تک پہنچیں گے، انہوں نے کہا کہ قوم کو متحد ہو کر آگے بڑھنا ہوگا۔ اسلام آباد (این این آئی) وفاقی وزیر نے کہا ہے کہ پاکستان کی ترقی اور خوشحالی کے لئے تمام ادارے مل کر کام کر رہے ہیں، ملک کی معیشت
فاروق ستار اور علی خورشیدی کی مزار قائد
اسلام آباد (این این آئی) وفاقی وزیر نے کہا ہے کہ پاکستان کی ترقی اور خوشحالی کے لئے تمام ادارے مل کر کام کر رہے ہیں، ملک کی معیشت بہتری کی جانب گامزن ہے اور عوام کو ریلیف فراہم کرنے کے لئے اقدامات کئے جا رہے ہیں، حکومت نے اس سلسلے میں متعدد منصوبے شروع کئے ہیں جن کے ثمرات جلد عوام تک پہنچیں گے، انہوں نے کہا کہ قوم کو متحد ہو کر آگے بڑھنا ہوگا۔ اسلام آباد (این این آئی) وفاقی وزیر نے کہا ہے کہ پاکستان کی ترقی اور خوشحالی کے لئے تمام ادارے مل کر کام کر رہے ہیں، ملک کی معیشت بہتری کی جانب گامزن ہے اور عوام کو ریلیف فراہم کرنے کے لئے اقدامات کئے جا رہے ہیں، حکومت نے اس سلسلے میں متعدد منصوبے شروع کئے ہیں جن کے ثمرات جلد عوام تک پہنچیں گے، انہوں نے کہا کہ قوم کو متحد ہو کر آگے بڑھنا ہوگا۔ اسلام آباد (این این آئی) وفاقی وزیر نے کہا ہے کہ پاکستان کی ترقی اور خوشحالی کے لئے تمام ادارے مل کر کام کر رہے ہیں، ملک کی معیشت بہتری کی جانب گامزن ہے اور عوام کو ریلیف فراہم کرنے کے لئے اقدامات کئے جا رہے ہیں، حکومت نے اس سلسلے میں متعدد منصوبے شروع کئے ہیں جن کے ثمرات جلد عوام تک پہنچیں گے، انہوں نے کہا کہ قوم کو متحد ہو کر آگے بڑھنا ہوگا۔ اسلام آباد (این این آئی) وفاقی وزیر نے کہا ہے کہ پاکستان کی ترقی اور خوشحالی کے لئے تمام ادارے مل کر کام کر رہے ہیں، ملک کی معیشت بہتری کی جانب گامزن ہے اور عوام کو ریلیف فراہم کرنے کے لئے اقدامات کئے جا رہے ہیں، حکومت نے اس سلسلے میں متعدد منصوبے شروع کئے ہیں جن کے ثمرات جلد عوام تک پہنچیں گے، انہوں نے کہا کہ قوم کو متحد ہو کر آگے بڑھنا ہوگا۔ اسلام آباد (این این آئی) وفاقی وزیر نے کہا ہے کہ پاکستان کی ترقی اور خوشحالی کے لئے تمام ادارے مل کر کام کر رہے ہیں، ملک کی معیشت
افغان سرزمین دہشتگردی کیلئے استعمال ہو رہی ہے،
ناروے کے وزیر خارجہ سے وزیر داخلہ کی ملاقات، باہمی تعلقات کے فروغ اور خطے کی صورتحال پر تفصیلی
اسلام آباد (این این آئی) وفاقی وزیر نے کہا ہے کہ پاکستان کی ترقی اور خوشحالی کے لئے تمام ادارے مل کر کام کر رہے ہیں، ملک کی معیشت بہتری کی جانب گامزن ہے اور عوام کو ریلیف فراہم کرنے کے لئے اقدامات کئے جا رہے ہیں، حکومت نے اس سلسلے میں متعدد منصوبے شروع کئے ہیں جن کے ثمرات جلد عوام تک پہنچیں گے، انہوں نے کہا کہ قوم کو متحد ہو کر آگے بڑھنا ہوگا۔ اسلام آباد (این این آئی) وفاقی وزیر نے کہا ہے کہ پاکستان کی ترقی اور خوشحالی کے لئے تمام ادارے مل کر کام کر رہے ہیں، ملک کی معیشت بہتری کی جانب گامزن ہے اور عوام کو ریلیف فراہم کرنے کے لئے اقدامات کئے جا رہے ہیں، حکومت نے اس سلسلے میں متعدد منصوبے شروع کئے ہیں جن کے ثمرات جلد عوام تک پہنچیں گے، انہوں نے کہا کہ قوم کو متحد ہو کر آگے بڑھنا ہوگا۔ اسلام آباد (این این آئی) وفاقی وزیر نے کہا ہے کہ پاکستان کی ترقی اور خوشحالی کے لئے تمام ادارے مل کر کام کر رہے ہیں، ملک کی معیشت بہتری کی جانب گامزن ہے اور عوام کو ریلیف فراہم کرنے کے لئے اقدامات کئے جا رہے ہیں، حکومت نے اس سلسلے میں متعدد منصوبے شروع کئے ہیں جن کے ثمرات جلد عوام تک پہنچیں گے، انہوں نے کہا کہ قوم کو متحد ہو کر آگے بڑھنا ہوگا۔ اسلام آباد (این این آئی) وفاقی وزیر نے کہا ہے کہ پاکستان کی ترقی اور خوشحالی کے لئے تمام ادارے مل کر کام کر رہے ہیں، ملک کی معیشت بہتری کی جانب گامزن ہے اور عوام کو ریلیف فراہم کرنے کے لئے اقدامات کئے جا رہے ہیں، حکومت نے اس سلسلے میں متعدد منصوبے شروع کئے ہیں جن کے ثمرات جلد عوام تک پہنچیں گے، انہوں نے کہا کہ قوم کو متحد ہو کر آگے بڑھنا ہوگا۔ اسلام آباد (این این آئی) وفاقی وزیر نے کہا ہے کہ پاکستان کی ترقی اور خوشحالی کے لئے تمام ادارے مل کر کام کر رہے ہیں، ملک کی معیشت بہتری کی جانب گامزن ہے اور عوام کو ریلیف فراہم کرنے کے لئے اقدامات کئے جا رہے ہیں، حکومت نے اس سلسلے میں متعدد منصوبے شروع کئے ہیں جن کے ثمرات جلد عوام تک پہنچیں گے، انہوں نے کہا کہ قوم کو متحد ہو کر آگے بڑھنا ہوگا۔ اسلام آباد (این این آئی) وفاقی وزیر نے کہا ہے کہ پاکستان کی ترقی اور خوشحالی کے لئے تمام ادارے مل کر کام کر رہے ہیں، ملک کی معیشت بہتری کی جانب گامزن ہے اور عوام کو ریلیف فراہم کرنے کے لئے اقدامات کئے جا رہے ہیں، حکومت نے اس سلسلے میں متعدد منصوبے شروع کئے ہیں جن کے ثمرات جلد عوام تک
پالیسی درست اور صنعتوں کو سہولیات دینا ہوں گی، حافظ
اسلام آباد (این این آئی) وفاقی وزیر نے کہا ہے کہ پاکستان کی ترقی اور خوشحالی کے لئے تمام ادارے مل کر کام کر رہے ہیں، ملک کی معیشت بہتری کی جانب گامزن ہے اور عوام کو ریلیف فراہم کرنے کے لئے اقدامات کئے جا رہے ہیں، حکومت نے اس سلسلے میں متعدد منصوبے شروع کئے ہیں جن کے ثمرات جلد عوام تک پہنچیں گے، انہوں نے کہا کہ قوم کو متحد ہو کر آگے بڑھنا ہوگا۔ اسلام آباد (این این آئی) وفاقی وزیر نے کہا ہے کہ پاکستان کی ترقی اور خوشحالی کے لئے تمام ادارے مل کر کام کر رہے ہیں، ملک کی معیشت بہتری کی جانب گامزن ہے اور عوام کو ریلیف فراہم کرنے کے لئے اقدامات کئے جا رہے ہیں، حکومت نے اس سلسلے میں متعدد منصوبے شروع کئے ہیں جن کے ثمرات جلد عوام تک پہنچیں گے، انہوں نے کہا کہ قوم کو متحد ہو کر آگے بڑھنا ہوگا۔ اسلام آباد (این این آئی) وفاقی وزیر نے کہا ہے کہ پاکستان کی ترقی اور خوشحالی کے لئے تمام ادارے مل کر کام کر رہے ہیں، ملک کی معیشت بہتری کی جانب گامزن ہے اور عوام کو ریلیف فراہم کرنے کے لئے اقدامات کئے جا رہے ہیں، حکومت نے اس سلسلے میں متعدد منصوبے شروع کئے ہیں جن کے ثمرات جلد عوام تک پہنچیں گے، انہوں نے کہا کہ قوم کو متحد ہو کر آگے بڑھنا ہوگا۔ اسلام آباد (این این آئی) وفاقی وزیر نے کہا ہے کہ پاکستان کی ترقی اور خوشحالی کے لئے تمام ادارے مل کر کام کر رہے ہیں، ملک کی معیشت بہتری کی جانب گامزن ہے اور عوام کو ریلیف فراہم کرنے کے لئے اقدامات کئے جا رہے ہیں، حکومت نے اس سلسلے میں متعدد منصوبے شروع کئے ہیں جن کے ثمرات جلد عوام تک پہنچیں گے، انہوں نے کہا کہ قوم کو متحد ہو کر آگے بڑھنا ہوگا۔ اسلام آباد (این این آئی) وفاقی وزیر نے کہا ہے کہ پاکستان کی ترقی اور خوشحالی کے لئے تمام ادارے مل کر کام کر رہے ہیں، ملک کی معیشت بہتری کی جانب گامزن ہے اور عوام کو ریلیف فراہم کرنے کے لئے اقدامات کئے جا رہے ہیں، حکومت نے اس سلسلے میں متعدد منصوبے شروع کئے ہیں جن کے ثمرات جلد عوام تک پہنچیں گے، انہوں نے کہا کہ قوم کو متحد ہو کر آگے بڑھنا ہوگا۔ اسلام آباد (این این آئی) وفاقی وزیر نے کہا ہے کہ پاکستان کی ترقی اور خوشحالی کے لئے تمام ادارے مل کر کام کر رہے ہیں، ملک کی معیشت بہتری کی جانب گامزن ہے اور عوام کو ریلیف فراہم کرنے کے لئے اقدامات کئے جا رہے ہیں، حکومت نے اس سلسلے میں متعدد منصوبے شروع کئے ہیں جن کے ثمرات جلد عوام تک پہنچیں گے، انہوں نے کہا کہ قوم کو متحد ہو کر آگے بڑھنا ہوگا۔ اسلام آباد (این این آئی) وفاقی وزیر نے کہا ہے کہ پاکستان کی ترقی اور خوشحالی کے لئے تمام ادارے مل کر کام کر رہے ہیں، ملک کی معیشت بہتری کی جانب گامزن ہے اور عوام کو ریلیف فراہم کرنے کے لئے اقدامات کئے جا رہے ہیں، حکومت نے اس سلسلے میں متعدد منصوبے شروع کئے ہیں جن کے ثمرات جلد عوام تک پہنچیں گے، انہوں نے کہا کہ قوم کو متحد ہو کر آگے بڑھنا ہوگا۔ اسلام آباد (این این آئی) وفاقی وزیر نے کہا ہے کہ پاکستان کی ترقی اور خوشحالی کے لئے تمام ادارے مل کر کام کر رہے ہیں، ملک کی معیشت بہتری کی جانب گامزن ہے اور عوام کو ریلیف فراہم کرنے کے لئے اقدامات کئے جا رہے ہیں، حکومت نے اس سلسلے میں متعدد منصوبے شروع کئے ہیں جن کے ثمرات جلد عوام تک پہنچیں گے، انہوں نے کہا کہ قوم کو متحد ہو کر آگے بڑھنا ہوگا۔
